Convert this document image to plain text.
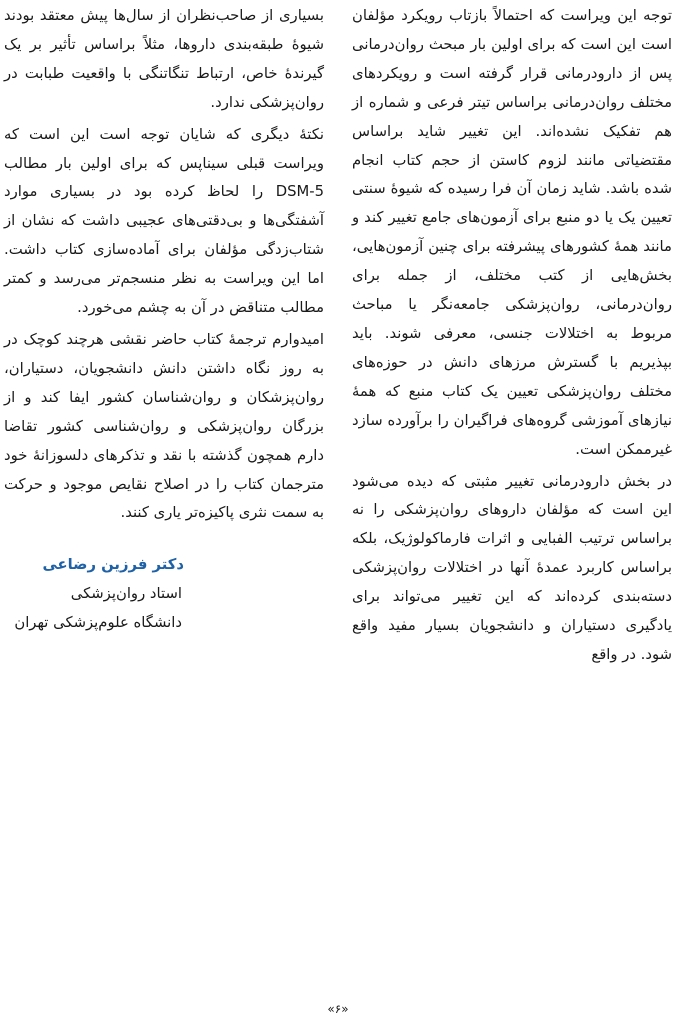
توجه این ویراست که احتمالاً بازتاب رویکرد مؤلفان است این است که برای اولین بار مبحث روان‌درمانی پس از دارودرمانی قرار گرفته است و رویکردهای مختلف روان‌درمانی براساس تیتر فرعی و شماره از هم تفکیک نشده‌اند. این تغییر شاید براساس مقتضیاتی مانند لزوم کاستن از حجم کتاب انجام شده باشد. شاید زمان آن فرا رسیده که شیوهٔ سنتی تعیین یک یا دو منبع برای آزمون‌های جامع تغییر کند و مانند همهٔ کشورهای پیشرفته برای چنین آزمون‌هایی، بخش‌هایی از کتب مختلف، از جمله برای روان‌درمانی، روان‌پزشکی جامعه‌نگر یا مباحث مربوط به اختلالات جنسی، معرفی شوند. باید بپذیریم با گسترش مرزهای دانش در حوزه‌های مختلف روان‌پزشکی تعیین یک کتاب منبع که همهٔ نیازهای آموزشی گروه‌های فراگیران را برآورده سازد غیرممکن است.

در بخش دارودرمانی تغییر مثبتی که دیده می‌شود این است که مؤلفان داروهای روان‌پزشکی را نه براساس ترتیب الفبایی و اثرات فارماکولوژیک، بلکه براساس کاربرد عمدهٔ آنها در اختلالات روان‌پزشکی دسته‌بندی کرده‌اند که این تغییر می‌تواند برای یادگیری دستیاران و دانشجویان بسیار مفید واقع شود. در واقع

بسیاری از صاحب‌نظران از سال‌ها پیش معتقد بودند شیوهٔ طبقه‌بندی داروها، مثلاً براساس تأثیر بر یک گیرندهٔ خاص، ارتباط تنگاتنگی با واقعیت طبابت در روان‌پزشکی ندارد.

نکتهٔ دیگری که شایان توجه است این است که ویراست قبلی سیناپس که برای اولین بار مطالب DSM-5 را لحاظ کرده بود در بسیاری موارد آشفتگی‌ها و بی‌دقتی‌های عجیبی داشت که نشان از شتاب‌زدگی مؤلفان برای آماده‌سازی کتاب داشت. اما این ویراست به نظر منسجم‌تر می‌رسد و کمتر مطالب متناقض در آن به چشم می‌خورد.

امیدوارم ترجمهٔ کتاب حاضر نقشی هرچند کوچک در به روز نگاه داشتن دانش دانشجویان، دستیاران، روان‌پزشکان و روان‌شناسان کشور ایفا کند و از بزرگان روان‌پزشکی و روان‌شناسی کشور تقاضا دارم همچون گذشته با نقد و تذکرهای دلسوزانهٔ خود مترجمان کتاب را در اصلاح نقایص موجود و حرکت به سمت نثری پاکیزه‌تر یاری کنند.

دکتر فرزین رضاعی
استاد روان‌پزشکی
دانشگاه علوم‌پزشکی تهران
«۶»
